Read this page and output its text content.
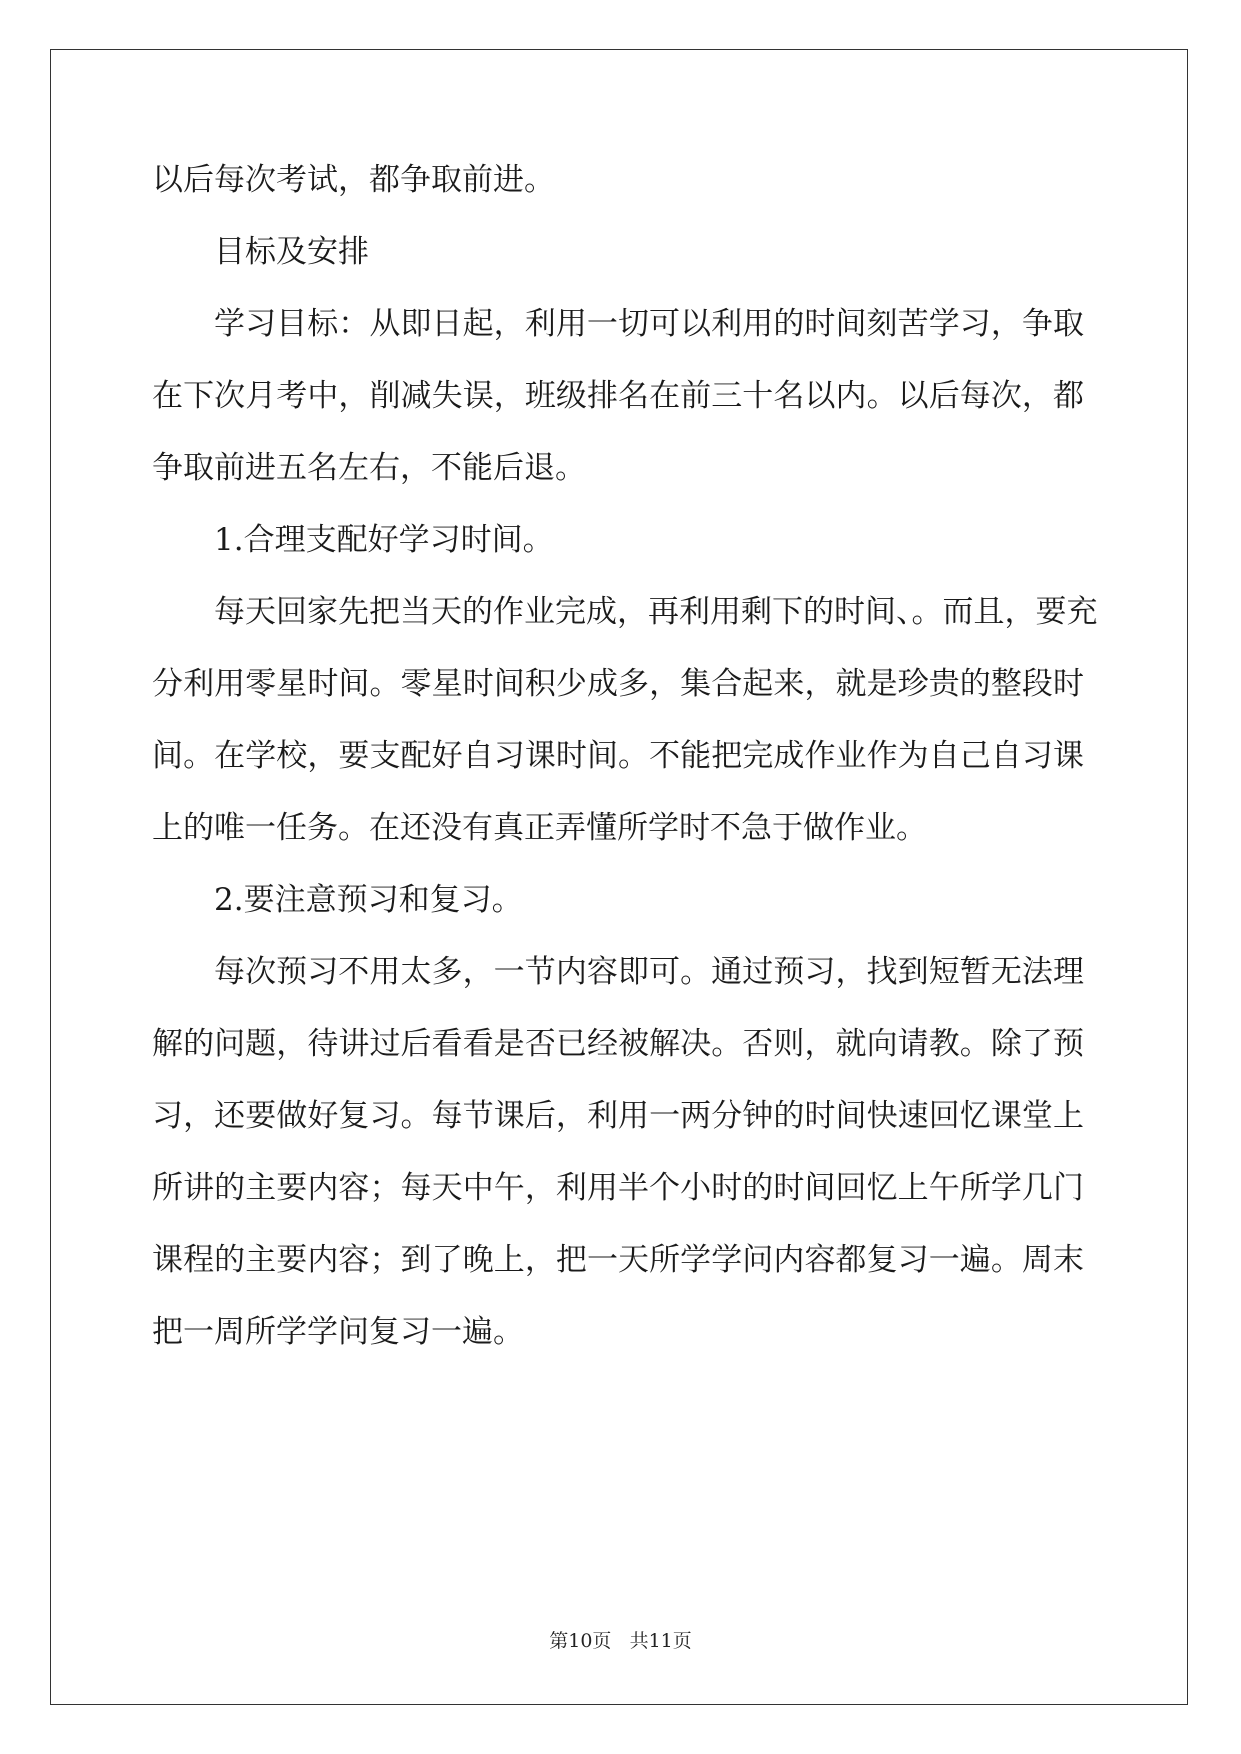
以后每次考试，都争取前进。
目标及安排
学习目标：从即日起，利用一切可以利用的时间刻苦学习，争取
在下次月考中，削减失误，班级排名在前三十名以内。以后每次，都
争取前进五名左右，不能后退。
1.合理支配好学习时间。
每天回家先把当天的作业完成，再利用剩下的时间、。而且，要充
分利用零星时间。零星时间积少成多，集合起来，就是珍贵的整段时
间。在学校，要支配好自习课时间。不能把完成作业作为自己自习课
上的唯一任务。在还没有真正弄懂所学时不急于做作业。
2.要注意预习和复习。
每次预习不用太多，一节内容即可。通过预习，找到短暂无法理
解的问题，待讲过后看看是否已经被解决。否则，就向请教。除了预
习，还要做好复习。每节课后，利用一两分钟的时间快速回忆课堂上
所讲的主要内容；每天中午，利用半个小时的时间回忆上午所学几门
课程的主要内容；到了晚上，把一天所学学问内容都复习一遍。周末
把一周所学学问复习一遍。
第10页 共11页
